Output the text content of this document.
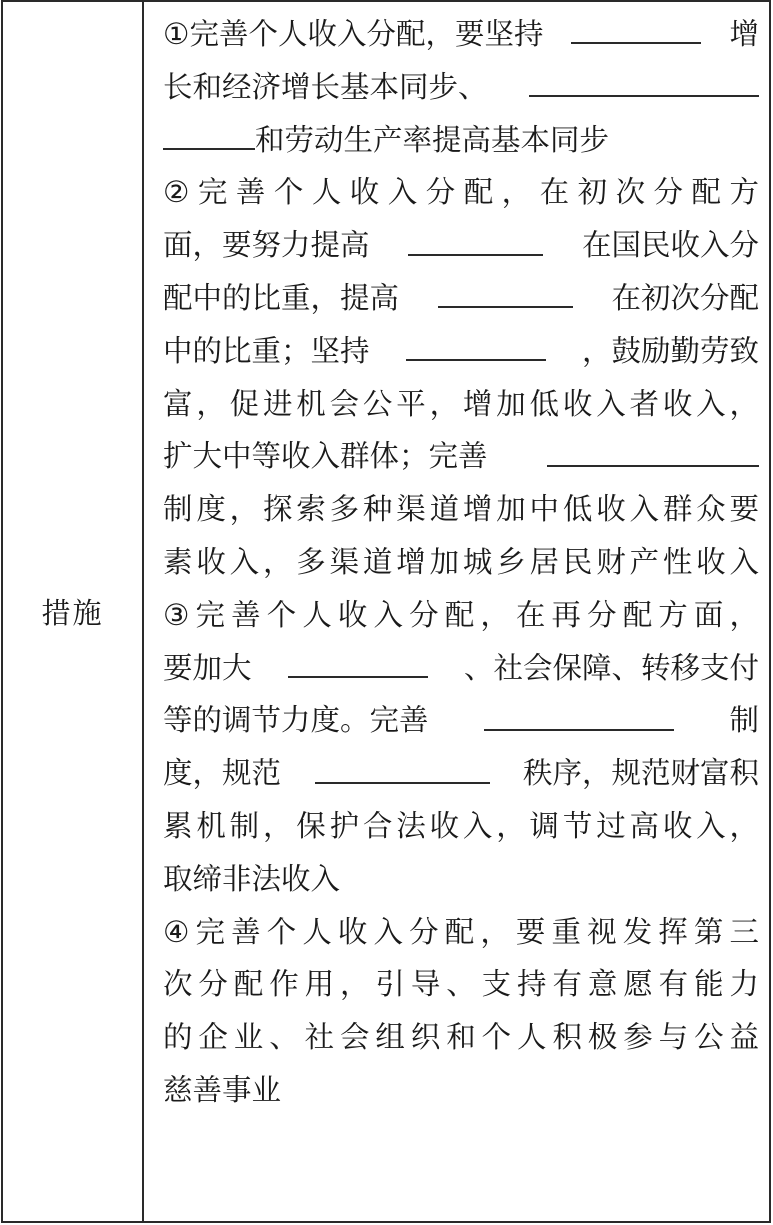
措施
①完善个人收入分配，要坚持	增
长和经济增长基本同步、
和劳动生产率提高基本同步
②完善个人收入分配，在初次分配方
面，要努力提高	在国民收入分
配中的比重，提高	在初次分配
中的比重；坚持	，鼓励勤劳致
富，促进机会公平，增加低收入者收入，
扩大中等收入群体；完善
制度，探索多种渠道增加中低收入群众要
素收入，多渠道增加城乡居民财产性收入
③完善个人收入分配，在再分配方面，
要加大	、社会保障、转移支付
等的调节力度。完善	制
度，规范	秩序，规范财富积
累机制，保护合法收入，调节过高收入，
取缔非法收入
④完善个人收入分配，要重视发挥第三
次分配作用，引导、支持有意愿有能力
的企业、社会组织和个人积极参与公益
慈善事业
